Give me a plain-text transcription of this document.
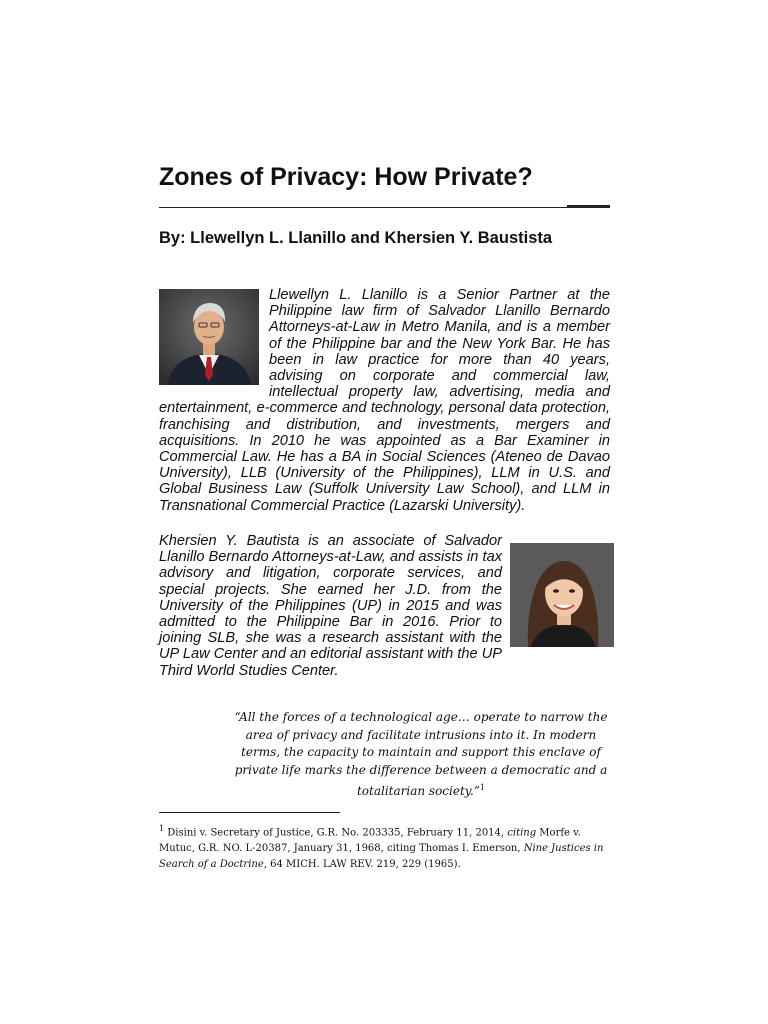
Zones of Privacy: How Private?

By: Llewellyn L. Llanillo and Khersien Y. Baustista

Llewellyn L. Llanillo is a Senior Partner at the Philippine law firm of Salvador Llanillo Bernardo Attorneys-at-Law in Metro Manila, and is a member of the Philippine bar and the New York Bar. He has been in law practice for more than 40 years, advising on corporate and commercial law, intellectual property law, advertising, media and entertainment, e-commerce and technology, personal data protection, franchising and distribution, and investments, mergers and acquisitions. In 2010 he was appointed as a Bar Examiner in Commercial Law. He has a BA in Social Sciences (Ateneo de Davao University), LLB (University of the Philippines), LLM in U.S. and Global Business Law (Suffolk University Law School), and LLM in Transnational Commercial Practice (Lazarski University).
Khersien Y. Bautista is an associate of Salvador Llanillo Bernardo Attorneys-at-Law, and assists in tax advisory and litigation, corporate services, and special projects. She earned her J.D. from the University of the Philippines (UP) in 2015 and was admitted to the Philippine Bar in 2016. Prior to joining SLB, she was a research assistant with the UP Law Center and an editorial assistant with the UP Third World Studies Center.

“All the forces of a technological age… operate to narrow the area of privacy and facilitate intrusions into it. In modern terms, the capacity to maintain and support this enclave of private life marks the difference between a democratic and a totalitarian society.”$^1$

$^1$ Disini v. Secretary of Justice, G.R. No. 203335, February 11, 2014, citing Morfe v. Mutuc, G.R. NO. L-20387, January 31, 1968, citing Thomas I. Emerson, Nine Justices in Search of a Doctrine, 64 MICH. LAW REV. 219, 229 (1965).
